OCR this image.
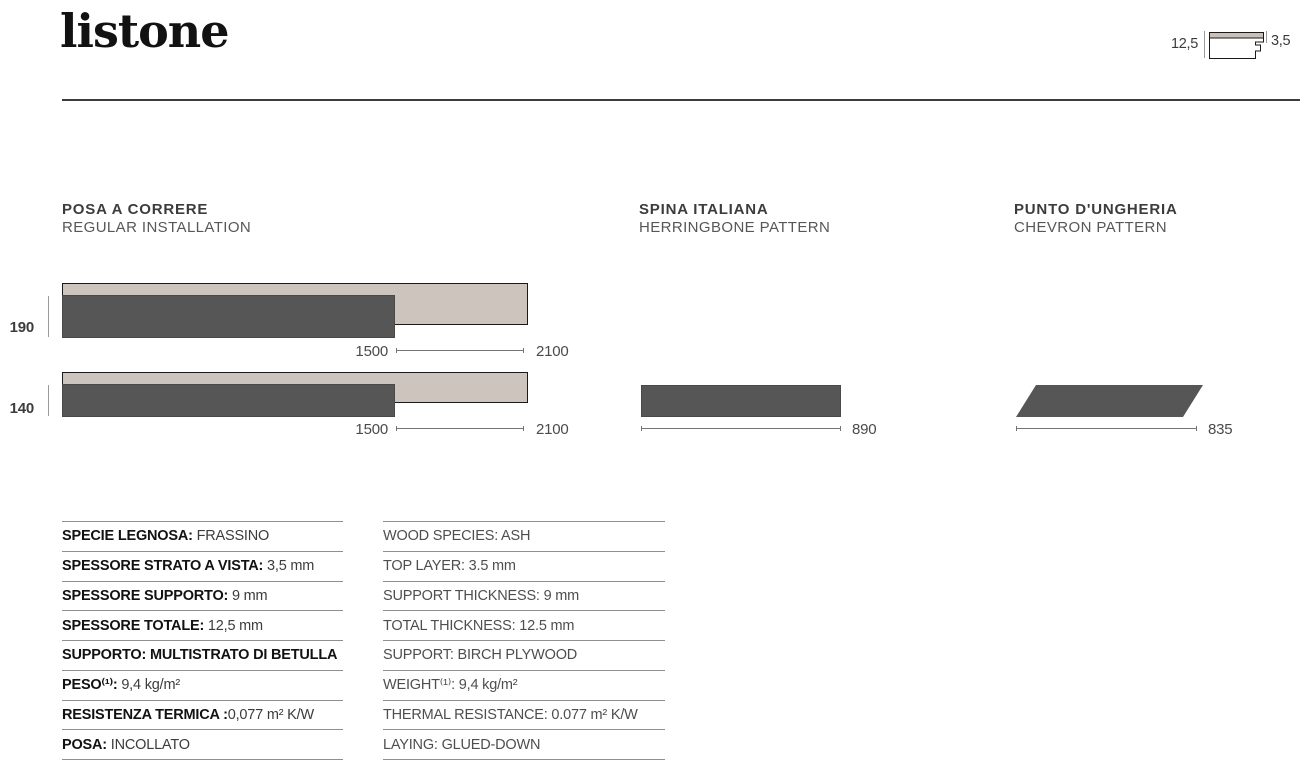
listone	12,5	3,5
POSA A CORRERE
REGULAR INSTALLATION
SPINA ITALIANA
HERRINGBONE PATTERN
PUNTO D'UNGHERIA
CHEVRON PATTERN
190
1500	2100
140
1500	2100	890	835
SPECIE LEGNOSA: FRASSINO
SPESSORE STRATO A VISTA: 3,5 mm
SPESSORE SUPPORTO: 9 mm
SPESSORE TOTALE: 12,5 mm
SUPPORTO: MULTISTRATO DI BETULLA
PESO⁽¹⁾: 9,4 kg/m²
RESISTENZA TERMICA : 0,077 m² K/W
POSA: INCOLLATO
WOOD SPECIES: ASH
TOP LAYER: 3.5 mm
SUPPORT THICKNESS: 9 mm
TOTAL THICKNESS: 12.5 mm
SUPPORT: BIRCH PLYWOOD
WEIGHT⁽¹⁾: 9,4 kg/m²
THERMAL RESISTANCE: 0.077 m² K/W
LAYING: GLUED-DOWN
